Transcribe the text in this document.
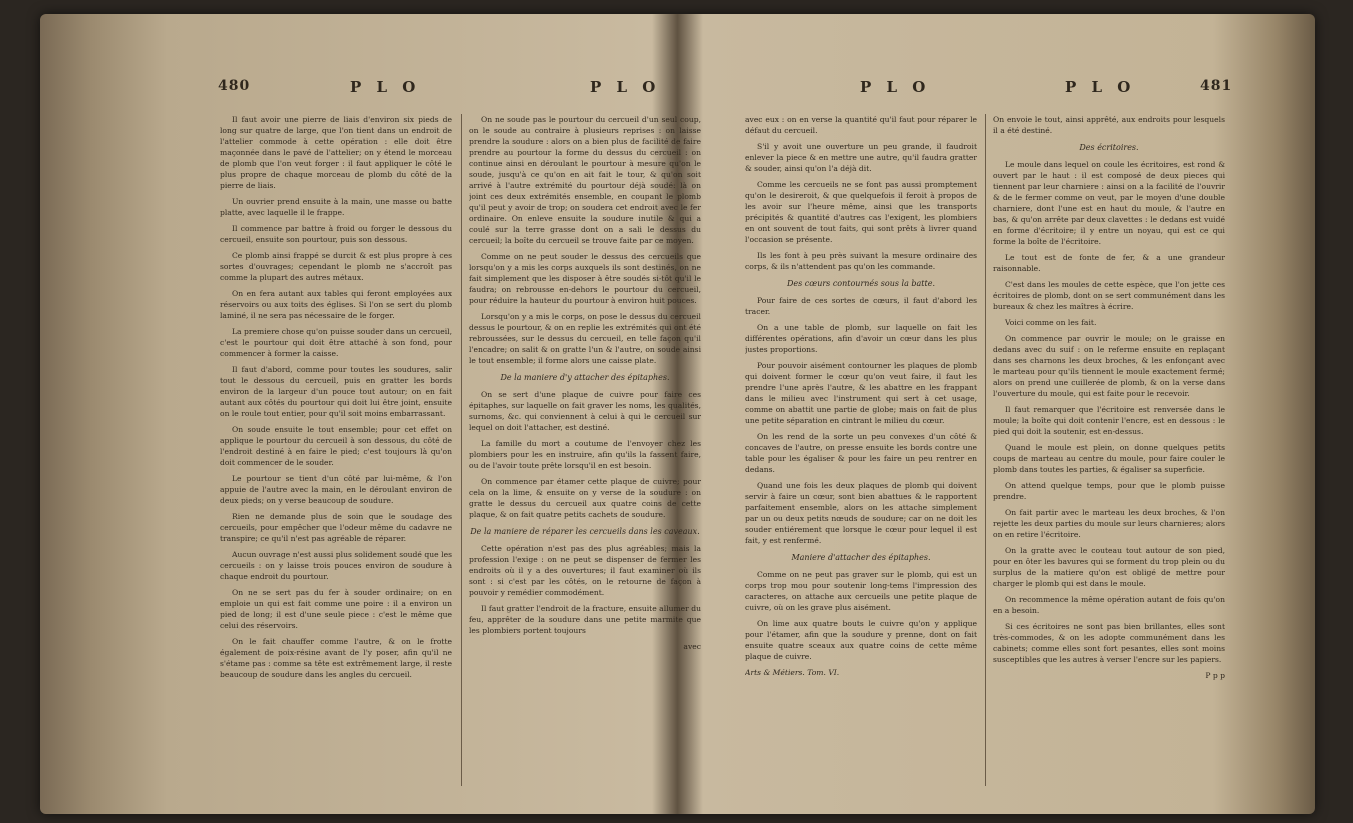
480	P L O	P L O

Il faut avoir une pierre de liais d'environ six pieds de long sur quatre de large, que l'on tient dans un endroit de l'attelier commode à cette opération : elle doit être maçonnée dans le pavé de l'attelier; on y étend le morceau de plomb que l'on veut forger : il faut appliquer le côté le plus propre de chaque morceau de plomb du côté de la pierre de liais.

Un ouvrier prend ensuite à la main, une masse ou batte platte, avec laquelle il le frappe.

Il commence par battre à froid ou forger le dessous du cercueil, ensuite son pourtour, puis son dessous.

Ce plomb ainsi frappé se durcit & est plus propre à ces sortes d'ouvrages; cependant le plomb ne s'accroît pas comme la plupart des autres métaux.

On en fera autant aux tables qui feront employées aux réservoirs ou aux toits des églises. Si l'on se sert du plomb laminé, il ne sera pas nécessaire de le forger.

La premiere chose qu'on puisse souder dans un cercueil, c'est le pourtour qui doit être attaché à son fond, pour commencer à former la caisse.

Il faut d'abord, comme pour toutes les soudures, salir tout le dessous du cercueil, puis en gratter les bords environ de la largeur d'un pouce tout autour; on en fait autant aux côtés du pourtour qui doit lui être joint, ensuite on le roule tout entier, pour qu'il soit moins embarrassant.

On soude ensuite le tout ensemble; pour cet effet on applique le pourtour du cercueil à son dessous, du côté de l'endroit destiné à en faire le pied; c'est toujours là qu'on doit commencer de le souder.

Le pourtour se tient d'un côté par lui-même, & l'on appuie de l'autre avec la main, en le déroulant environ de deux pieds; on y verse beaucoup de soudure.

Rien ne demande plus de soin que le soudage des cercueils, pour empêcher que l'odeur même du cadavre ne transpire; ce qu'il n'est pas agréable de réparer.

Aucun ouvrage n'est aussi plus solidement soudé que les cercueils : on y laisse trois pouces environ de soudure à chaque endroit du pourtour.

On ne se sert pas du fer à souder ordinaire; on en emploie un qui est fait comme une poire : il a environ un pied de long; il est d'une seule piece : c'est le même que celui des réservoirs.

On le fait chauffer comme l'autre, & on le frotte également de poix-résine avant de l'y poser, afin qu'il ne s'étame pas : comme sa tête est extrêmement large, il reste beaucoup de soudure dans les angles du cercueil.

On ne soude pas le pourtour du cercueil d'un seul coup, on le soude au contraire à plusieurs reprises : on laisse prendre la soudure : alors on a bien plus de facilité de faire prendre au pourtour la forme du dessus du cercueil : on continue ainsi en déroulant le pourtour à mesure qu'on le soude, jusqu'à ce qu'on en ait fait le tour, & qu'on soit arrivé à l'autre extrémité du pourtour déjà soudé: là on joint ces deux extrémités ensemble, en coupant le plomb qu'il peut y avoir de trop; on soudera cet endroit avec le fer ordinaire. On enleve ensuite la soudure inutile & qui a coulé sur la terre grasse dont on a sali le dessus du cercueil; la boîte du cercueil se trouve faite par ce moyen.

Comme on ne peut souder le dessus des cercueils que lorsqu'on y a mis les corps auxquels ils sont destinés, on ne fait simplement que les disposer à être soudés si-tôt qu'il le faudra; on rebrousse en-dehors le pourtour du cercueil, pour réduire la hauteur du pourtour à environ huit pouces.

Lorsqu'on y a mis le corps, on pose le dessus du cercueil dessus le pourtour, & on en replie les extrémités qui ont été rebroussées, sur le dessus du cercueil, en telle façon qu'il l'encadre; on salit & on gratte l'un & l'autre, on soude ainsi le tout ensemble; il forme alors une caisse plate.

De la maniere d'y attacher des épitaphes.

On se sert d'une plaque de cuivre pour faire ces épitaphes, sur laquelle on fait graver les noms, les qualités, surnoms, &c. qui conviennent à celui à qui le cercueil sur lequel on doit l'attacher, est destiné.

La famille du mort a coutume de l'envoyer chez les plombiers pour les en instruire, afin qu'ils la fassent faire, ou de l'avoir toute prête lorsqu'il en est besoin.

On commence par étamer cette plaque de cuivre; pour cela on la lime, & ensuite on y verse de la soudure : on gratte le dessus du cercueil aux quatre coins de cette plaque, & on fait quatre petits cachets de soudure.

De la maniere de réparer les cercueils dans les caveaux.

Cette opération n'est pas des plus agréables; mais la profession l'exige : on ne peut se dispenser de fermer les endroits où il y a des ouvertures; il faut examiner où ils sont : si c'est par les côtés, on le retourne de façon à pouvoir y remédier commodément.

Il faut gratter l'endroit de la fracture, ensuite allumer du feu, apprêter de la soudure dans une petite marmite que les plombiers portent toujours

avec
P L O	P L O	481

avec eux : on en verse la quantité qu'il faut pour réparer le défaut du cercueil.

S'il y avoit une ouverture un peu grande, il faudroit enlever la piece & en mettre une autre, qu'il faudra gratter & souder, ainsi qu'on l'a déjà dit.

Comme les cercueils ne se font pas aussi promptement qu'on le desireroit, & que quelquefois il feroit à propos de les avoir sur l'heure même, ainsi que les transports précipités & quantité d'autres cas l'exigent, les plombiers en ont souvent de tout faits, qui sont prêts à livrer quand l'occasion se présente.

Ils les font à peu près suivant la mesure ordinaire des corps, & ils n'attendent pas qu'on les commande.

Des cœurs contournés sous la batte.

Pour faire de ces sortes de cœurs, il faut d'abord les tracer.

On a une table de plomb, sur laquelle on fait les différentes opérations, afin d'avoir un cœur dans les plus justes proportions.

Pour pouvoir aisément contourner les plaques de plomb qui doivent former le cœur qu'on veut faire, il faut les prendre l'une après l'autre, & les abattre en les frappant dans le milieu avec l'instrument qui sert à cet usage, comme on abattit une partie de globe; mais on fait de plus une petite séparation en cintrant le milieu du cœur.

On les rend de la sorte un peu convexes d'un côté & concaves de l'autre, on presse ensuite les bords contre une table pour les égaliser & pour les faire un peu rentrer en dedans.

Quand une fois les deux plaques de plomb qui doivent servir à faire un cœur, sont bien abattues & le rapportent parfaitement ensemble, alors on les attache simplement par un ou deux petits nœuds de soudure; car on ne doit les souder entiérement que lorsque le cœur pour lequel il est fait, y est renfermé.

Maniere d'attacher des épitaphes.

Comme on ne peut pas graver sur le plomb, qui est un corps trop mou pour soutenir long-tems l'impression des caracteres, on attache aux cercueils une petite plaque de cuivre, où on les grave plus aisément.

On lime aux quatre bouts le cuivre qu'on y applique pour l'étamer, afin que la soudure y prenne, dont on fait ensuite quatre sceaux aux quatre coins de cette même plaque de cuivre.

Arts & Métiers. Tom. VI.

On envoie le tout, ainsi apprêté, aux endroits pour lesquels il a été destiné.

Des écritoires.

Le moule dans lequel on coule les écritoires, est rond & ouvert par le haut : il est composé de deux pieces qui tiennent par leur charniere : ainsi on a la facilité de l'ouvrir & de le fermer comme on veut, par le moyen d'une double charniere, dont l'une est en haut du moule, & l'autre en bas, & qu'on arrête par deux clavettes : le dedans est vuidé en forme d'écritoire; il y entre un noyau, qui est ce qui forme la boîte de l'écritoire.

Le tout est de fonte de fer, & a une grandeur raisonnable.

C'est dans les moules de cette espèce, que l'on jette ces écritoires de plomb, dont on se sert communément dans les bureaux & chez les maîtres à écrire.

Voici comme on les fait.

On commence par ouvrir le moule; on le graisse en dedans avec du suif : on le referme ensuite en replaçant dans ses charnons les deux broches, & les enfonçant avec le marteau pour qu'ils tiennent le moule exactement fermé; alors on prend une cuillerée de plomb, & on la verse dans l'ouverture du moule, qui est faite pour le recevoir.

Il faut remarquer que l'écritoire est renversée dans le moule; la boîte qui doit contenir l'encre, est en dessous : le pied qui doit la soutenir, est en-dessus.

Quand le moule est plein, on donne quelques petits coups de marteau au centre du moule, pour faire couler le plomb dans toutes les parties, & égaliser sa superficie.

On attend quelque temps, pour que le plomb puisse prendre.

On fait partir avec le marteau les deux broches, & l'on rejette les deux parties du moule sur leurs charnieres; alors on en retire l'écritoire.

On la gratte avec le couteau tout autour de son pied, pour en ôter les bavures qui se forment du trop plein ou du surplus de la matiere qu'on est obligé de mettre pour charger le plomb qui est dans le moule.

On recommence la même opération autant de fois qu'on en a besoin.

Si ces écritoires ne sont pas bien brillantes, elles sont très-commodes, & on les adopte communément dans les cabinets; comme elles sont fort pesantes, elles sont moins susceptibles que les autres à verser l'encre sur les papiers.

P p p
